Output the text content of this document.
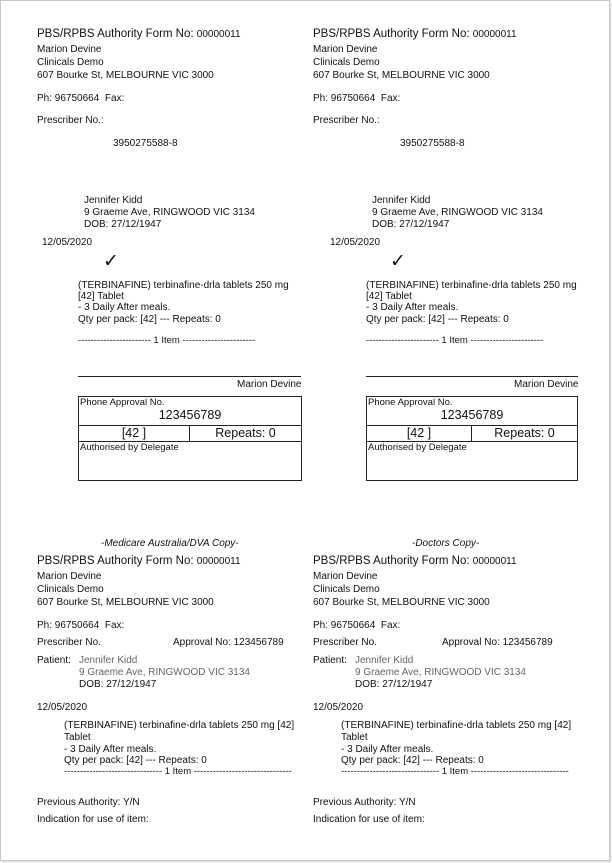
PBS/RPBS Authority Form No: 00000011
Marion Devine
Clinicals Demo
607 Bourke St, MELBOURNE VIC 3000
Ph: 96750664 Fax:
Prescriber No.:
3950275588-8
Jennifer Kidd
9 Graeme Ave, RINGWOOD VIC 3134
DOB: 27/12/1947
12/05/2020
✓
(TERBINAFINE) terbinafine-drla tablets 250 mg
[42] Tablet
- 3 Daily After meals.
Qty per pack: [42] --- Repeats: 0
----------------------- 1 Item -----------------------
Marion Devine
Phone Approval No.
123456789
[42 ]	Repeats: 0
Authorised by Delegate
PBS/RPBS Authority Form No: 00000011
Marion Devine
Clinicals Demo
607 Bourke St, MELBOURNE VIC 3000
Ph: 96750664 Fax:
Prescriber No.:
3950275588-8
Jennifer Kidd
9 Graeme Ave, RINGWOOD VIC 3134
DOB: 27/12/1947
12/05/2020
✓
(TERBINAFINE) terbinafine-drla tablets 250 mg
[42] Tablet
- 3 Daily After meals.
Qty per pack: [42] --- Repeats: 0
----------------------- 1 Item -----------------------
Marion Devine
Phone Approval No.
123456789
[42 ]	Repeats: 0
Authorised by Delegate
-Medicare Australia/DVA Copy-
PBS/RPBS Authority Form No: 00000011
Marion Devine
Clinicals Demo
607 Bourke St, MELBOURNE VIC 3000
Ph: 96750664 Fax:
Prescriber No.	Approval No: 123456789
Patient: Jennifer Kidd
9 Graeme Ave, RINGWOOD VIC 3134
DOB: 27/12/1947
12/05/2020
(TERBINAFINE) terbinafine-drla tablets 250 mg [42]
Tablet
- 3 Daily After meals.
Qty per pack: [42] --- Repeats: 0
------------------------------- 1 Item -------------------------------
Previous Authority: Y/N
Indication for use of item:
-Doctors Copy-
PBS/RPBS Authority Form No: 00000011
Marion Devine
Clinicals Demo
607 Bourke St, MELBOURNE VIC 3000
Ph: 96750664 Fax:
Prescriber No.	Approval No: 123456789
Patient: Jennifer Kidd
9 Graeme Ave, RINGWOOD VIC 3134
DOB: 27/12/1947
12/05/2020
(TERBINAFINE) terbinafine-drla tablets 250 mg [42]
Tablet
- 3 Daily After meals.
Qty per pack: [42] --- Repeats: 0
------------------------------- 1 Item -------------------------------
Previous Authority: Y/N
Indication for use of item:
